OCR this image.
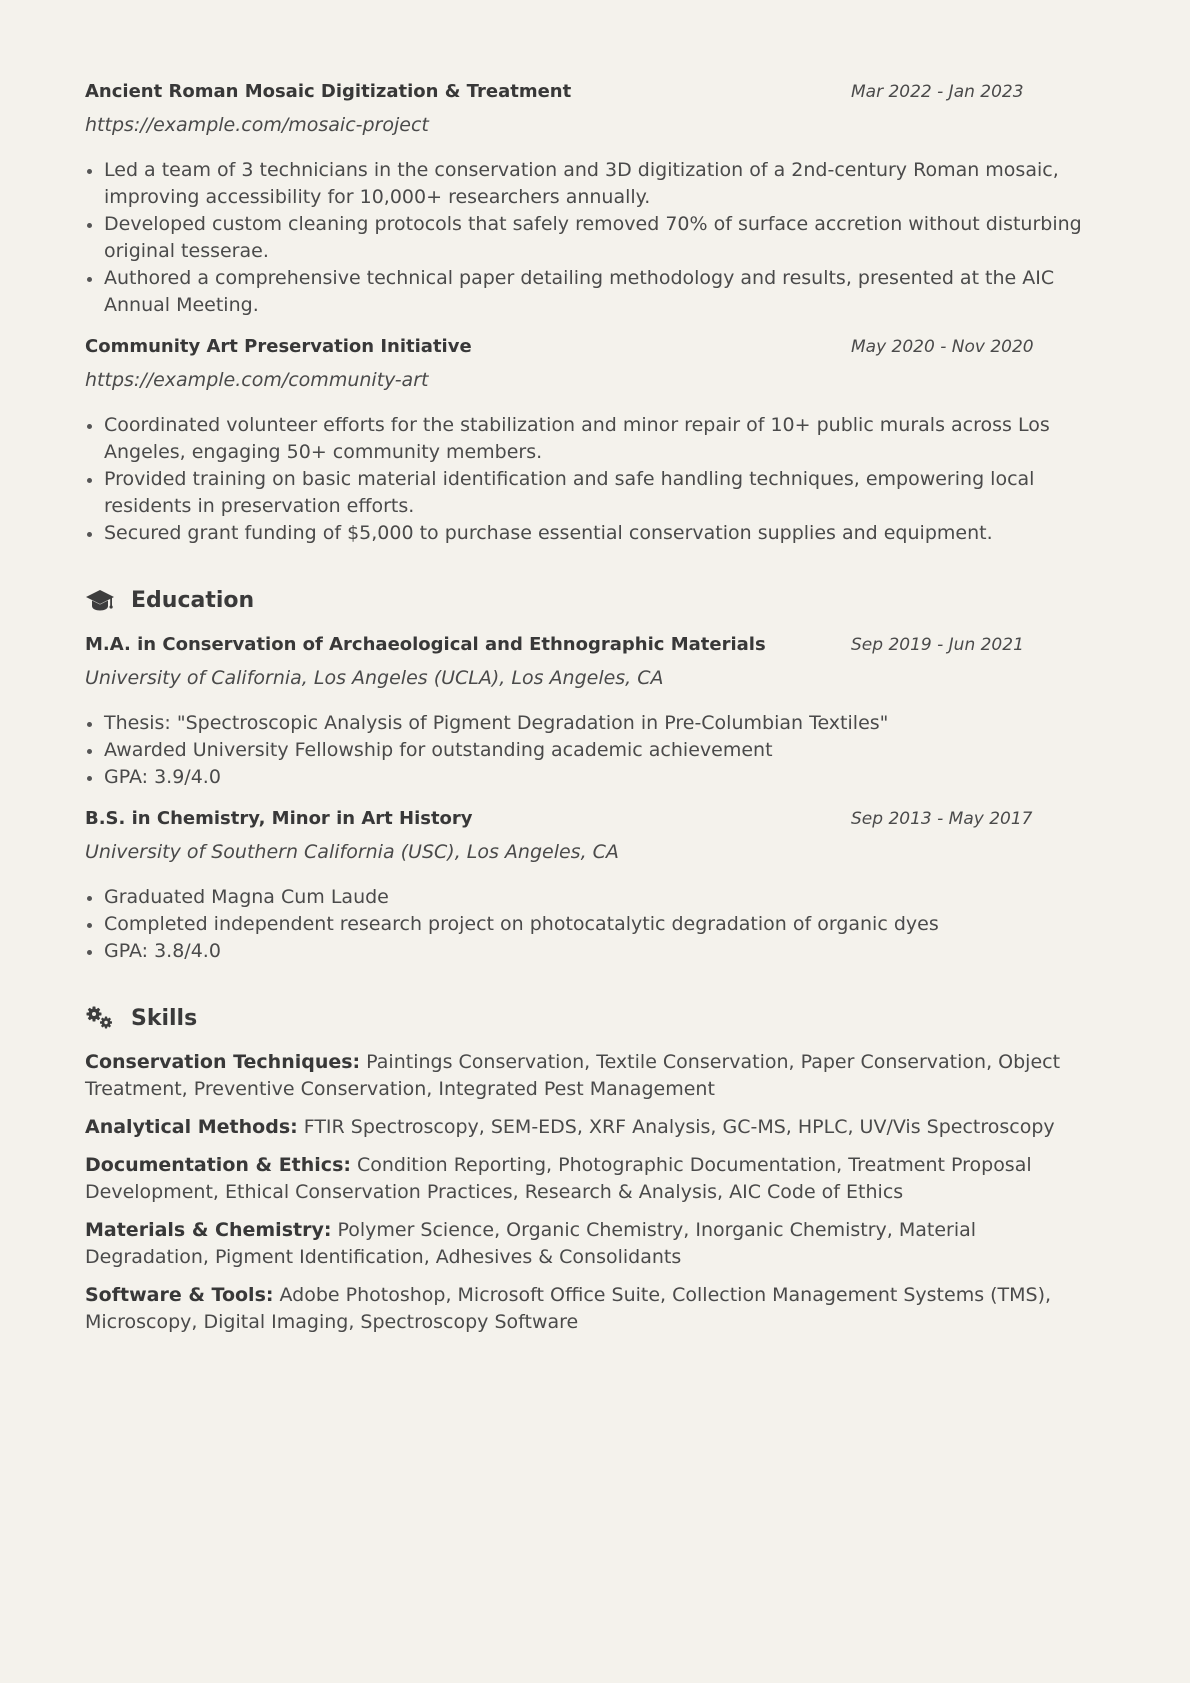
Ancient Roman Mosaic Digitization & Treatment	Mar 2022 - Jan 2023
https://example.com/mosaic-project
Led a team of 3 technicians in the conservation and 3D digitization of a 2nd-century Roman mosaic, improving accessibility for 10,000+ researchers annually.
Developed custom cleaning protocols that safely removed 70% of surface accretion without disturbing original tesserae.
Authored a comprehensive technical paper detailing methodology and results, presented at the AIC Annual Meeting.
Community Art Preservation Initiative	May 2020 - Nov 2020
https://example.com/community-art
Coordinated volunteer efforts for the stabilization and minor repair of 10+ public murals across Los Angeles, engaging 50+ community members.
Provided training on basic material identification and safe handling techniques, empowering local residents in preservation efforts.
Secured grant funding of $5,000 to purchase essential conservation supplies and equipment.
Education
M.A. in Conservation of Archaeological and Ethnographic Materials	Sep 2019 - Jun 2021
University of California, Los Angeles (UCLA), Los Angeles, CA
Thesis: "Spectroscopic Analysis of Pigment Degradation in Pre-Columbian Textiles"
Awarded University Fellowship for outstanding academic achievement
GPA: 3.9/4.0
B.S. in Chemistry, Minor in Art History	Sep 2013 - May 2017
University of Southern California (USC), Los Angeles, CA
Graduated Magna Cum Laude
Completed independent research project on photocatalytic degradation of organic dyes
GPA: 3.8/4.0
Skills
Conservation Techniques: Paintings Conservation, Textile Conservation, Paper Conservation, Object Treatment, Preventive Conservation, Integrated Pest Management
Analytical Methods: FTIR Spectroscopy, SEM-EDS, XRF Analysis, GC-MS, HPLC, UV/Vis Spectroscopy
Documentation & Ethics: Condition Reporting, Photographic Documentation, Treatment Proposal Development, Ethical Conservation Practices, Research & Analysis, AIC Code of Ethics
Materials & Chemistry: Polymer Science, Organic Chemistry, Inorganic Chemistry, Material Degradation, Pigment Identification, Adhesives & Consolidants
Software & Tools: Adobe Photoshop, Microsoft Office Suite, Collection Management Systems (TMS), Microscopy, Digital Imaging, Spectroscopy Software
